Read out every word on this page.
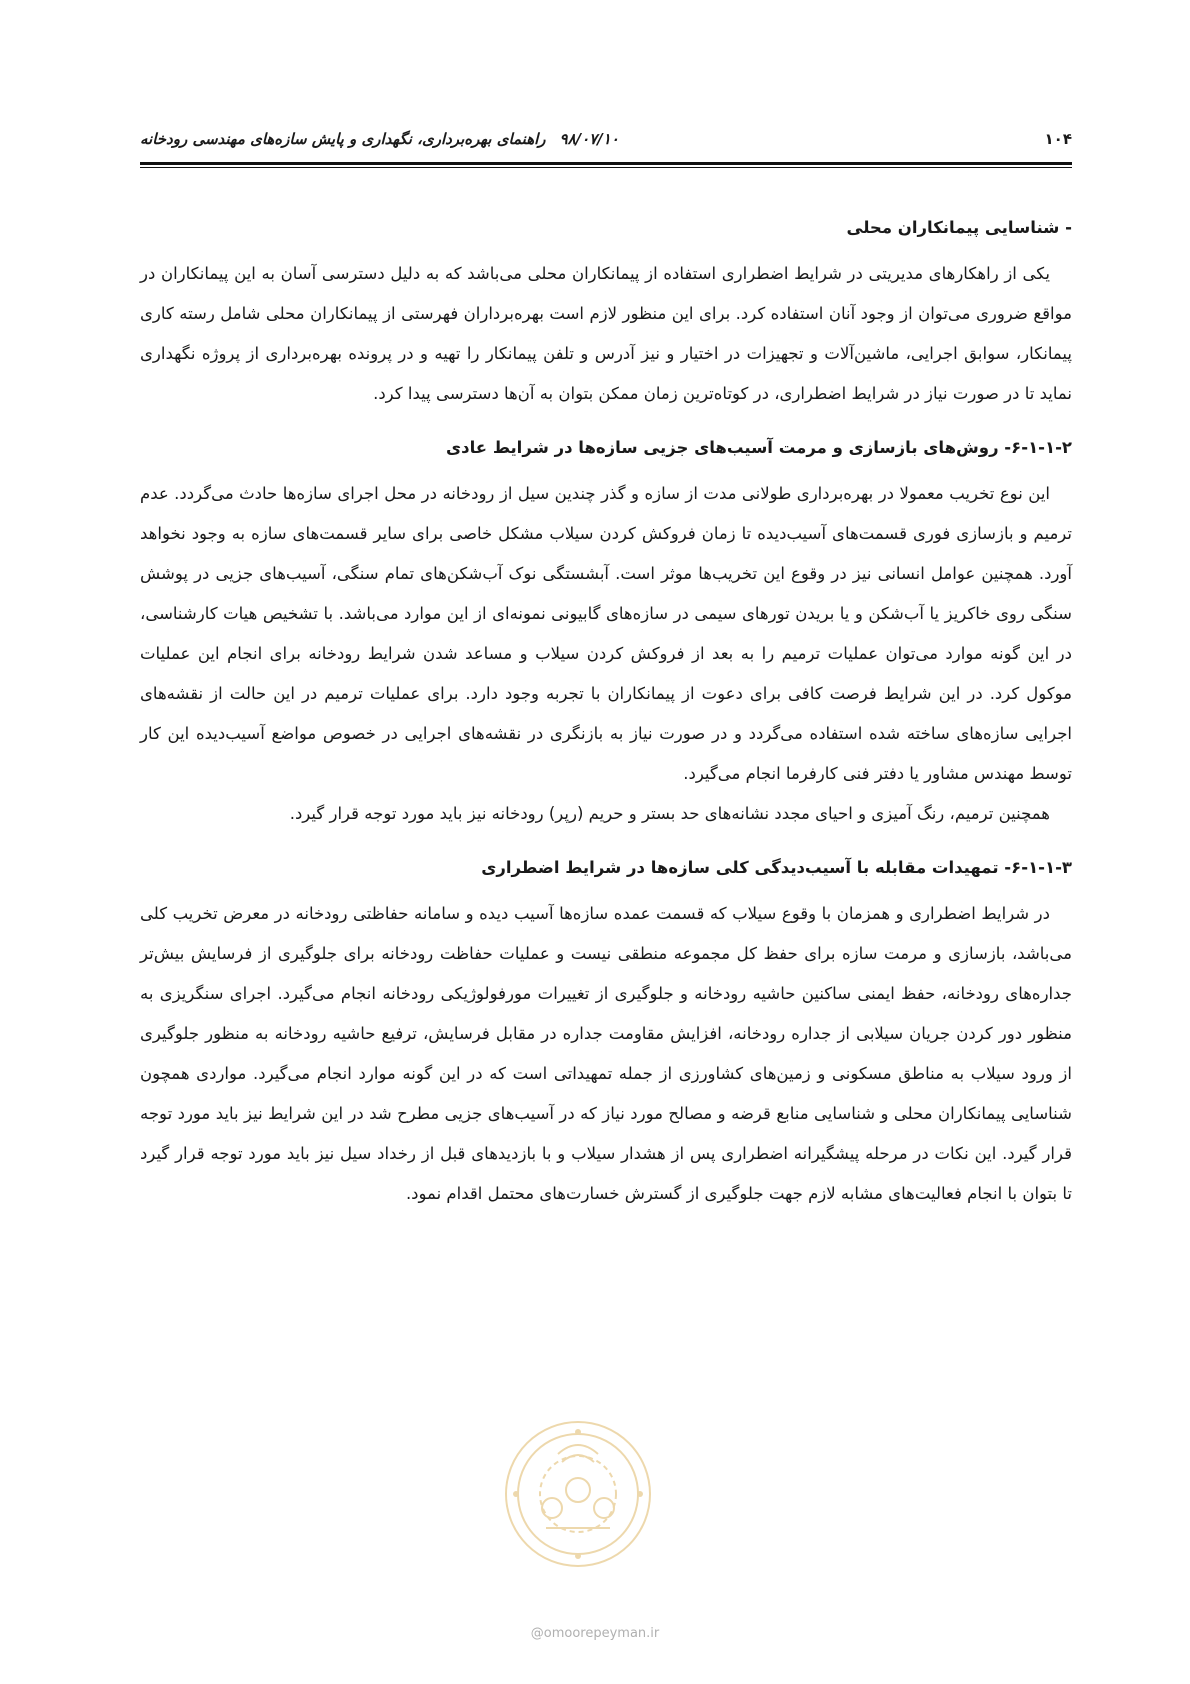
۱۰۴
۹۸/۰۷/۱۰راهنمای بهره‌برداری، نگهداری و پایش سازه‌های مهندسی رودخانه
- شناسایی پیمانکاران محلی

یکی از راهکارهای مدیریتی در شرایط اضطراری استفاده از پیمانکاران محلی می‌باشد که به دلیل دسترسی آسان به این پیمانکاران در مواقع ضروری می‌توان از وجود آنان استفاده کرد. برای این منظور لازم است بهره‌برداران فهرستی از پیمانکاران محلی شامل رسته کاری پیمانکار، سوابق اجرایی، ماشین‌آلات و تجهیزات در اختیار و نیز آدرس و تلفن پیمانکار را تهیه و در پرونده بهره‌برداری از پروژه نگهداری نماید تا در صورت نیاز در شرایط اضطراری، در کوتاه‌ترین زمان ممکن بتوان به آن‌ها دسترسی پیدا کرد.

۶-۱-۱-۲- روش‌های بازسازی و مرمت آسیب‌های جزیی سازه‌ها در شرایط عادی

این نوع تخریب معمولا در بهره‌برداری طولانی مدت از سازه و گذر چندین سیل از رودخانه در محل اجرای سازه‌ها حادث می‌گردد. عدم ترمیم و بازسازی فوری قسمت‌های آسیب‌دیده تا زمان فروکش کردن سیلاب مشکل خاصی برای سایر قسمت‌های سازه به وجود نخواهد آورد. همچنین عوامل انسانی نیز در وقوع این تخریب‌ها موثر است. آبشستگی نوک آب‌شکن‌های تمام سنگی، آسیب‌های جزیی در پوشش سنگی روی خاکریز یا آب‌شکن و یا بریدن تورهای سیمی در سازه‌های گابیونی نمونه‌ای از این موارد می‌باشد. با تشخیص هیات کارشناسی، در این گونه موارد می‌توان عملیات ترمیم را به بعد از فروکش کردن سیلاب و مساعد شدن شرایط رودخانه برای انجام این عملیات موکول کرد. در این شرایط فرصت کافی برای دعوت از پیمانکاران با تجربه وجود دارد. برای عملیات ترمیم در این حالت از نقشه‌های اجرایی سازه‌های ساخته شده استفاده می‌گردد و در صورت نیاز به بازنگری در نقشه‌های اجرایی در خصوص مواضع آسیب‌دیده این کار توسط مهندس مشاور یا دفتر فنی کارفرما انجام می‌گیرد.

همچنین ترمیم، رنگ آمیزی و احیای مجدد نشانه‌های حد بستر و حریم (رپر) رودخانه نیز باید مورد توجه قرار گیرد.

۶-۱-۱-۳- تمهیدات مقابله با آسیب‌دیدگی کلی سازه‌ها در شرایط اضطراری

در شرایط اضطراری و همزمان با وقوع سیلاب که قسمت عمده سازه‌ها آسیب دیده و سامانه حفاظتی رودخانه در معرض تخریب کلی می‌باشد، بازسازی و مرمت سازه برای حفظ کل مجموعه منطقی نیست و عملیات حفاظت رودخانه برای جلوگیری از فرسایش بیش‌تر جداره‌های رودخانه، حفظ ایمنی ساکنین حاشیه رودخانه و جلوگیری از تغییرات مورفولوژیکی رودخانه انجام می‌گیرد. اجرای سنگریزی به منظور دور کردن جریان سیلابی از جداره رودخانه، افزایش مقاومت جداره در مقابل فرسایش، ترفیع حاشیه رودخانه به منظور جلوگیری از ورود سیلاب به مناطق مسکونی و زمین‌های کشاورزی از جمله تمهیداتی است که در این گونه موارد انجام می‌گیرد. مواردی همچون شناسایی پیمانکاران محلی و شناسایی منابع قرضه و مصالح مورد نیاز که در آسیب‌های جزیی مطرح شد در این شرایط نیز باید مورد توجه قرار گیرد. این نکات در مرحله پیشگیرانه اضطراری پس از هشدار سیلاب و با بازدیدهای قبل از رخداد سیل نیز باید مورد توجه قرار گیرد تا بتوان با انجام فعالیت‌های مشابه لازم جهت جلوگیری از گسترش خسارت‌های محتمل اقدام نمود.

@omoorepeyman.ir
